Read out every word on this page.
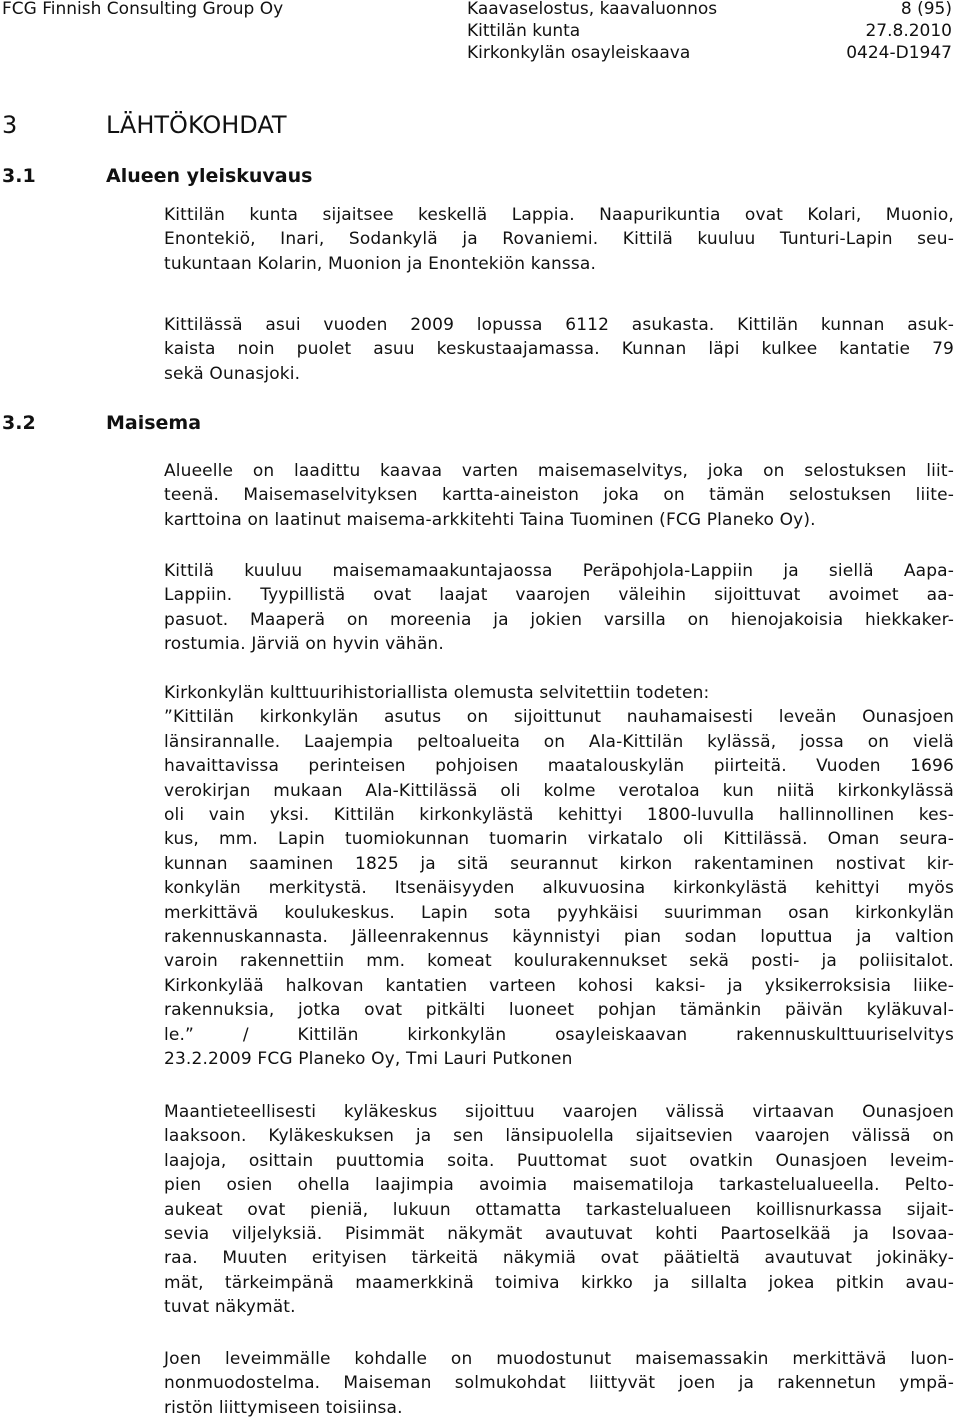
FCG Finnish Consulting Group Oy	Kaavaselostus, kaavaluonnos	8 (95)
Kittilän kunta	27.8.2010
Kirkonkylän osayleiskaava	0424-D1947
3	LÄHTÖKOHDAT
3.1	Alueen yleiskuvaus
3.2	Maisema
Kittilän kunta sijaitsee keskellä Lappia. Naapurikuntia ovat Kolari, Muonio,
Enontekiö, Inari, Sodankylä ja Rovaniemi. Kittilä kuuluu Tunturi-Lapin seu-
tukuntaan Kolarin, Muonion ja Enontekiön kanssa.
Kittilässä asui vuoden 2009 lopussa 6112 asukasta. Kittilän kunnan asuk-
kaista noin puolet asuu keskustaajamassa. Kunnan läpi kulkee kantatie 79
sekä Ounasjoki.
Alueelle on laadittu kaavaa varten maisemaselvitys, joka on selostuksen liit-
teenä. Maisemaselvityksen kartta-aineiston joka on tämän selostuksen liite-
karttoina on laatinut maisema-arkkitehti Taina Tuominen (FCG Planeko Oy).
Kittilä kuuluu maisemamaakuntajaossa Peräpohjola-Lappiin ja siellä Aapa-
Lappiin. Tyypillistä ovat laajat vaarojen väleihin sijoittuvat avoimet aa-
pasuot. Maaperä on moreenia ja jokien varsilla on hienojakoisia hiekkaker-
rostumia. Järviä on hyvin vähän.
Kirkonkylän kulttuurihistoriallista olemusta selvitettiin todeten:
”Kittilän kirkonkylän asutus on sijoittunut nauhamaisesti leveän Ounasjoen
länsirannalle. Laajempia peltoalueita on Ala-Kittilän kylässä, jossa on vielä
havaittavissa perinteisen pohjoisen maatalouskylän piirteitä. Vuoden 1696
verokirjan mukaan Ala-Kittilässä oli kolme verotaloa kun niitä kirkonkylässä
oli vain yksi. Kittilän kirkonkylästä kehittyi 1800-luvulla hallinnollinen kes-
kus, mm. Lapin tuomiokunnan tuomarin virkatalo oli Kittilässä. Oman seura-
kunnan saaminen 1825 ja sitä seurannut kirkon rakentaminen nostivat kir-
konkylän merkitystä. Itsenäisyyden alkuvuosina kirkonkylästä kehittyi myös
merkittävä koulukeskus. Lapin sota pyyhkäisi suurimman osan kirkonkylän
rakennuskannasta. Jälleenrakennus käynnistyi pian sodan loputtua ja valtion
varoin rakennettiin mm. komeat koulurakennukset sekä posti- ja poliisitalot.
Kirkonkylää halkovan kantatien varteen kohosi kaksi- ja yksikerroksisia liike-
rakennuksia, jotka ovat pitkälti luoneet pohjan tämänkin päivän kyläkuval-
le.” / Kittilän kirkonkylän osayleiskaavan rakennuskulttuuriselvitys
23.2.2009 FCG Planeko Oy, Tmi Lauri Putkonen
Maantieteellisesti kyläkeskus sijoittuu vaarojen välissä virtaavan Ounasjoen
laaksoon. Kyläkeskuksen ja sen länsipuolella sijaitsevien vaarojen välissä on
laajoja, osittain puuttomia soita. Puuttomat suot ovatkin Ounasjoen leveim-
pien osien ohella laajimpia avoimia maisematiloja tarkastelualueella. Pelto-
aukeat ovat pieniä, lukuun ottamatta tarkastelualueen koillisnurkassa sijait-
sevia viljelyksiä. Pisimmät näkymät avautuvat kohti Paartoselkää ja Isovaa-
raa. Muuten erityisen tärkeitä näkymiä ovat päätieltä avautuvat jokinäky-
mät, tärkeimpänä maamerkkinä toimiva kirkko ja sillalta jokea pitkin avau-
tuvat näkymät.
Joen leveimmälle kohdalle on muodostunut maisemassakin merkittävä luon-
nonmuodostelma. Maiseman solmukohdat liittyvät joen ja rakennetun ympä-
ristön liittymiseen toisiinsa.
